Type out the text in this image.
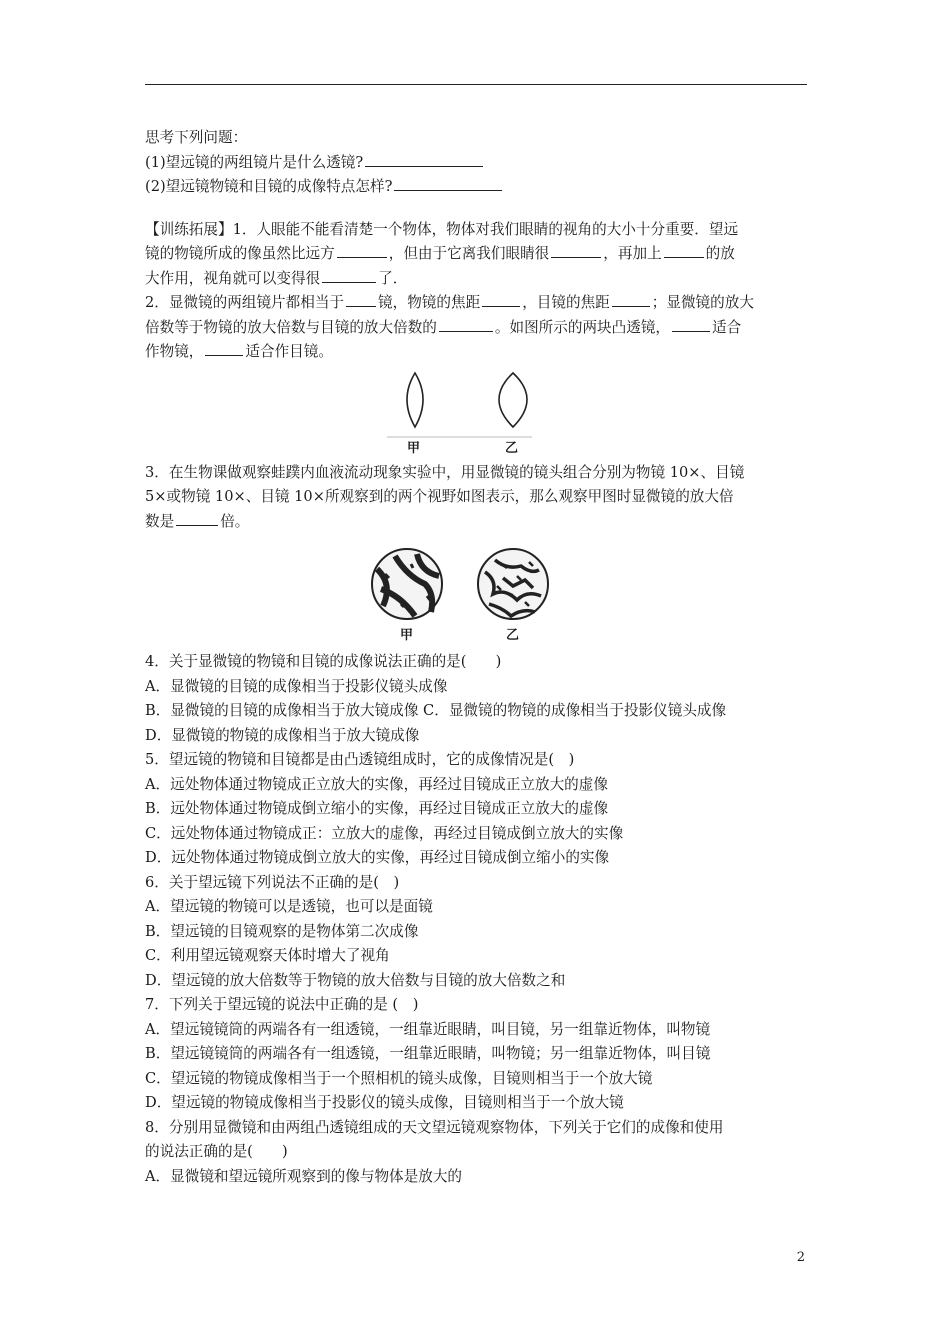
思考下列问题：

(1)望远镜的两组镜片是什么透镜?

(2)望远镜物镜和目镜的成像特点怎样?

【训练拓展】1．人眼能不能看清楚一个物体，物体对我们眼睛的视角的大小十分重要．望远

镜的物镜所成的像虽然比远方	，但由于它离我们眼睛很	，再加上	的放

大作用，视角就可以变得很	了．

2．显微镜的两组镜片都相当于 镜，物镜的焦距	，目镜的焦距	；显微镜的放大

倍数等于物镜的放大倍数与目镜的放大倍数的	。如图所示的两块凸透镜，	适合

作物镜，	适合作目镜。

甲	乙

3．在生物课做观察蛙蹼内血液流动现象实验中，用显微镜的镜头组合分别为物镜 10×、目镜

5×或物镜 10×、目镜 10×所观察到的两个视野如图表示，那么观察甲图时显微镜的放大倍

数是	倍。

甲	乙

4．关于显微镜的物镜和目镜的成像说法正确的是(　　)

A．显微镜的目镜的成像相当于投影仪镜头成像

B．显微镜的目镜的成像相当于放大镜成像 C．显微镜的物镜的成像相当于投影仪镜头成像

D．显微镜的物镜的成像相当于放大镜成像

5．望远镜的物镜和目镜都是由凸透镜组成时，它的成像情况是(　)

A．远处物体通过物镜成正立放大的实像，再经过目镜成正立放大的虚像

B．远处物体通过物镜成倒立缩小的实像，再经过目镜成正立放大的虚像

C．远处物体通过物镜成正：立放大的虚像，再经过目镜成倒立放大的实像

D．远处物体通过物镜成倒立放大的实像，再经过目镜成倒立缩小的实像

6．关于望远镜下列说法不正确的是(　)

A．望远镜的物镜可以是透镜，也可以是面镜

B．望远镜的目镜观察的是物体第二次成像

C．利用望远镜观察天体时增大了视角

D．望远镜的放大倍数等于物镜的放大倍数与目镜的放大倍数之和

7．下列关于望远镜的说法中正确的是 (　)

A．望远镜镜筒的两端各有一组透镜，一组靠近眼睛，叫目镜，另一组靠近物体，叫物镜

B．望远镜镜筒的两端各有一组透镜，一组靠近眼睛，叫物镜；另一组靠近物体，叫目镜

C．望远镜的物镜成像相当于一个照相机的镜头成像，目镜则相当于一个放大镜

D．望远镜的物镜成像相当于投影仪的镜头成像，目镜则相当于一个放大镜

8．分别用显微镜和由两组凸透镜组成的天文望远镜观察物体，下列关于它们的成像和使用

的说法正确的是(　　)

A．显微镜和望远镜所观察到的像与物体是放大的

2
